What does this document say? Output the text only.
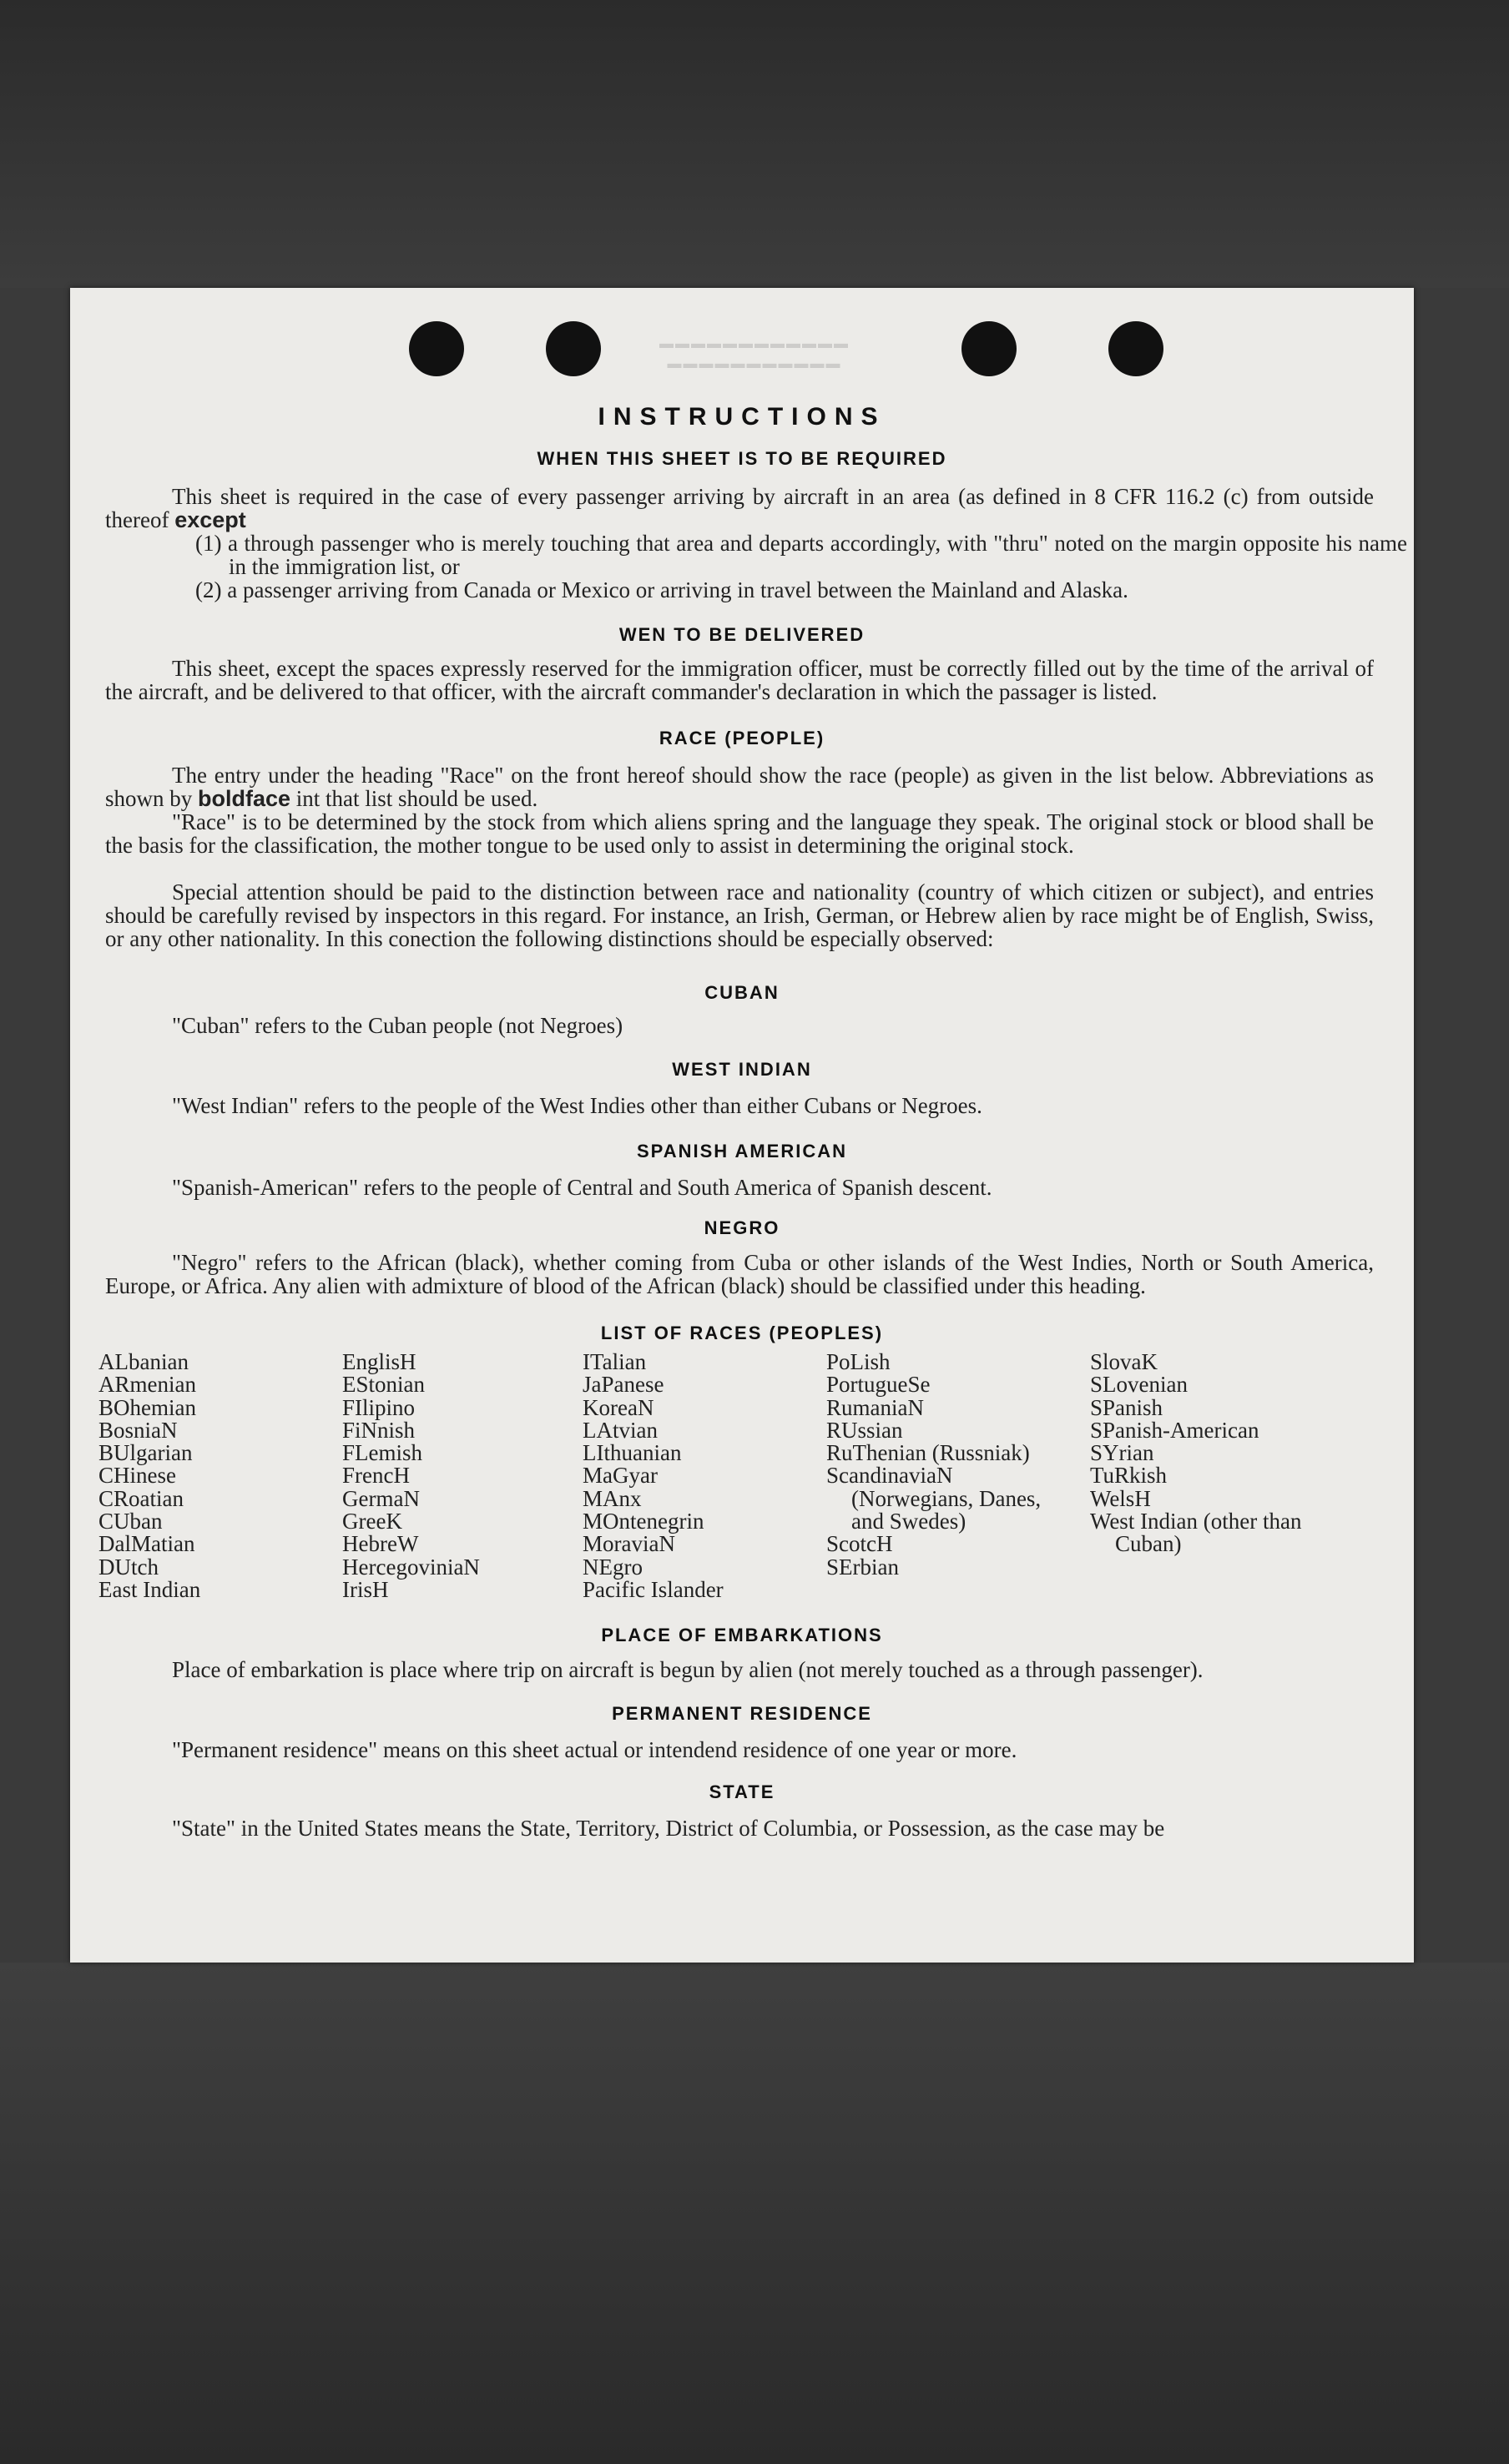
▬▬▬▬▬▬▬▬▬▬▬▬
▬▬▬▬▬▬▬▬▬▬▬
INSTRUCTIONS
WHEN THIS SHEET IS TO BE REQUIRED
This sheet is required in the case of every passenger arriving by aircraft in an area (as defined in 8 CFR 116.2 (c) from outside thereof except
(1) a through passenger who is merely touching that area and departs accordingly, with "thru" noted on the margin opposite his name in the immigration list, or
(2) a passenger arriving from Canada or Mexico or arriving in travel between the Mainland and Alaska.
WEN TO BE DELIVERED
This sheet, except the spaces expressly reserved for the immigration officer, must be correctly filled out by the time of the arrival of the aircraft, and be delivered to that officer, with the aircraft commander's declaration in which the passager is listed.
RACE (PEOPLE)
The entry under the heading "Race" on the front hereof should show the race (people) as given in the list below. Abbreviations as shown by boldface int that list should be used.
"Race" is to be determined by the stock from which aliens spring and the language they speak. The original stock or blood shall be the basis for the classification, the mother tongue to be used only to assist in determining the original stock.
Special attention should be paid to the distinction between race and nationality (country of which citizen or subject), and entries should be carefully revised by inspectors in this regard. For instance, an Irish, German, or Hebrew alien by race might be of English, Swiss, or any other nationality. In this conection the following distinctions should be especially observed:
CUBAN
"Cuban" refers to the Cuban people (not Negroes)
WEST INDIAN
"West Indian" refers to the people of the West Indies other than either Cubans or Negroes.
SPANISH AMERICAN
"Spanish-American" refers to the people of Central and South America of Spanish descent.
NEGRO
"Negro" refers to the African (black), whether coming from Cuba or other islands of the West Indies, North or South America, Europe, or Africa. Any alien with admixture of blood of the African (black) should be classified under this heading.
LIST OF RACES (PEOPLES)
ALbanian
ARmenian
BOhemian
BosniaN
BUlgarian
CHinese
CRoatian
CUban
DalMatian
DUtch
East Indian
EnglisH
EStonian
FIlipino
FiNnish
FLemish
FrencH
GermaN
GreeK
HebreW
HercegoviniaN
IrisH
ITalian
JaPanese
KoreaN
LAtvian
LIthuanian
MaGyar
MAnx
MOntenegrin
MoraviaN
NEgro
Pacific Islander
PoLish
PortugueSe
RumaniaN
RUssian
RuThenian (Russniak)
ScandinaviaN (Norwegians, Danes, and Swedes)
ScotcH
SErbian
SlovaK
SLovenian
SPanish
SPanish-American
SYrian
TuRkish
WelsH
West Indian (other than Cuban)
PLACE OF EMBARKATIONS
Place of embarkation is place where trip on aircraft is begun by alien (not merely touched as a through passenger).
PERMANENT RESIDENCE
"Permanent residence" means on this sheet actual or intendend residence of one year or more.
STATE
"State" in the United States means the State, Territory, District of Columbia, or Possession, as the case may be
